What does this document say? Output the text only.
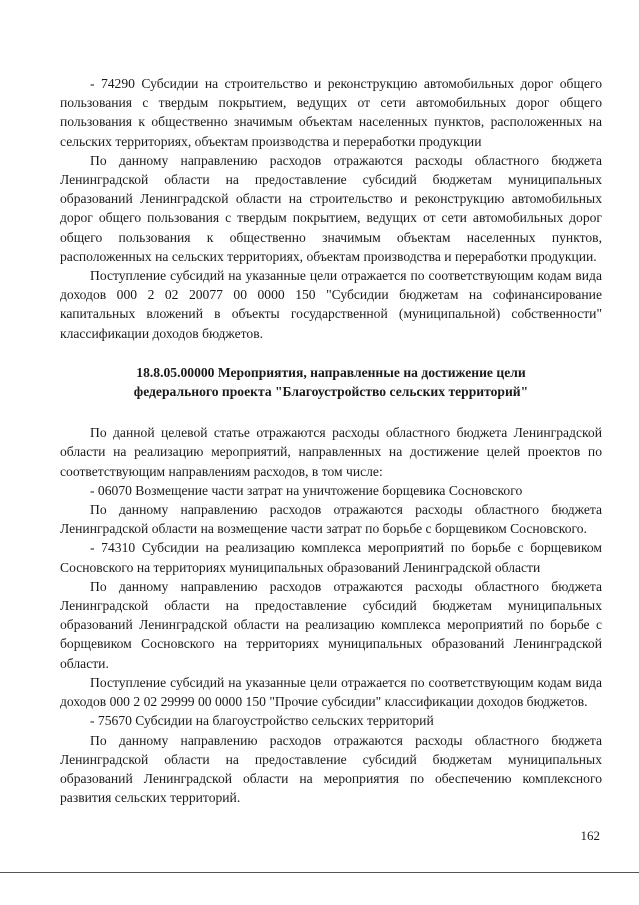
- 74290 Субсидии на строительство и реконструкцию автомобильных дорог общего пользования с твердым покрытием, ведущих от сети автомобильных дорог общего пользования к общественно значимым объектам населенных пунктов, расположенных на сельских территориях, объектам производства и переработки продукции

По данному направлению расходов отражаются расходы областного бюджета Ленинградской области на предоставление субсидий бюджетам муниципальных образований Ленинградской области на строительство и реконструкцию автомобильных дорог общего пользования с твердым покрытием, ведущих от сети автомобильных дорог общего пользования к общественно значимым объектам населенных пунктов, расположенных на сельских территориях, объектам производства и переработки продукции.

Поступление субсидий на указанные цели отражается по соответствующим кодам вида доходов 000 2 02 20077 00 0000 150 "Субсидии бюджетам на софинансирование капитальных вложений в объекты государственной (муниципальной) собственности" классификации доходов бюджетов.

18.8.05.00000 Мероприятия, направленные на достижение цели
федерального проекта "Благоустройство сельских территорий"

По данной целевой статье отражаются расходы областного бюджета Ленинградской области на реализацию мероприятий, направленных на достижение целей проектов по соответствующим направлениям расходов, в том числе:

- 06070 Возмещение части затрат на уничтожение борщевика Сосновского

По данному направлению расходов отражаются расходы областного бюджета Ленинградской области на возмещение части затрат по борьбе с борщевиком Сосновского.

- 74310 Субсидии на реализацию комплекса мероприятий по борьбе с борщевиком Сосновского на территориях муниципальных образований Ленинградской области

По данному направлению расходов отражаются расходы областного бюджета Ленинградской области на предоставление субсидий бюджетам муниципальных образований Ленинградской области на реализацию комплекса мероприятий по борьбе с борщевиком Сосновского на территориях муниципальных образований Ленинградской области.

Поступление субсидий на указанные цели отражается по соответствующим кодам вида доходов 000 2 02 29999 00 0000 150 "Прочие субсидии" классификации доходов бюджетов.

- 75670 Субсидии на благоустройство сельских территорий

По данному направлению расходов отражаются расходы областного бюджета Ленинградской области на предоставление субсидий бюджетам муниципальных образований Ленинградской области на мероприятия по обеспечению комплексного развития сельских территорий.

162
